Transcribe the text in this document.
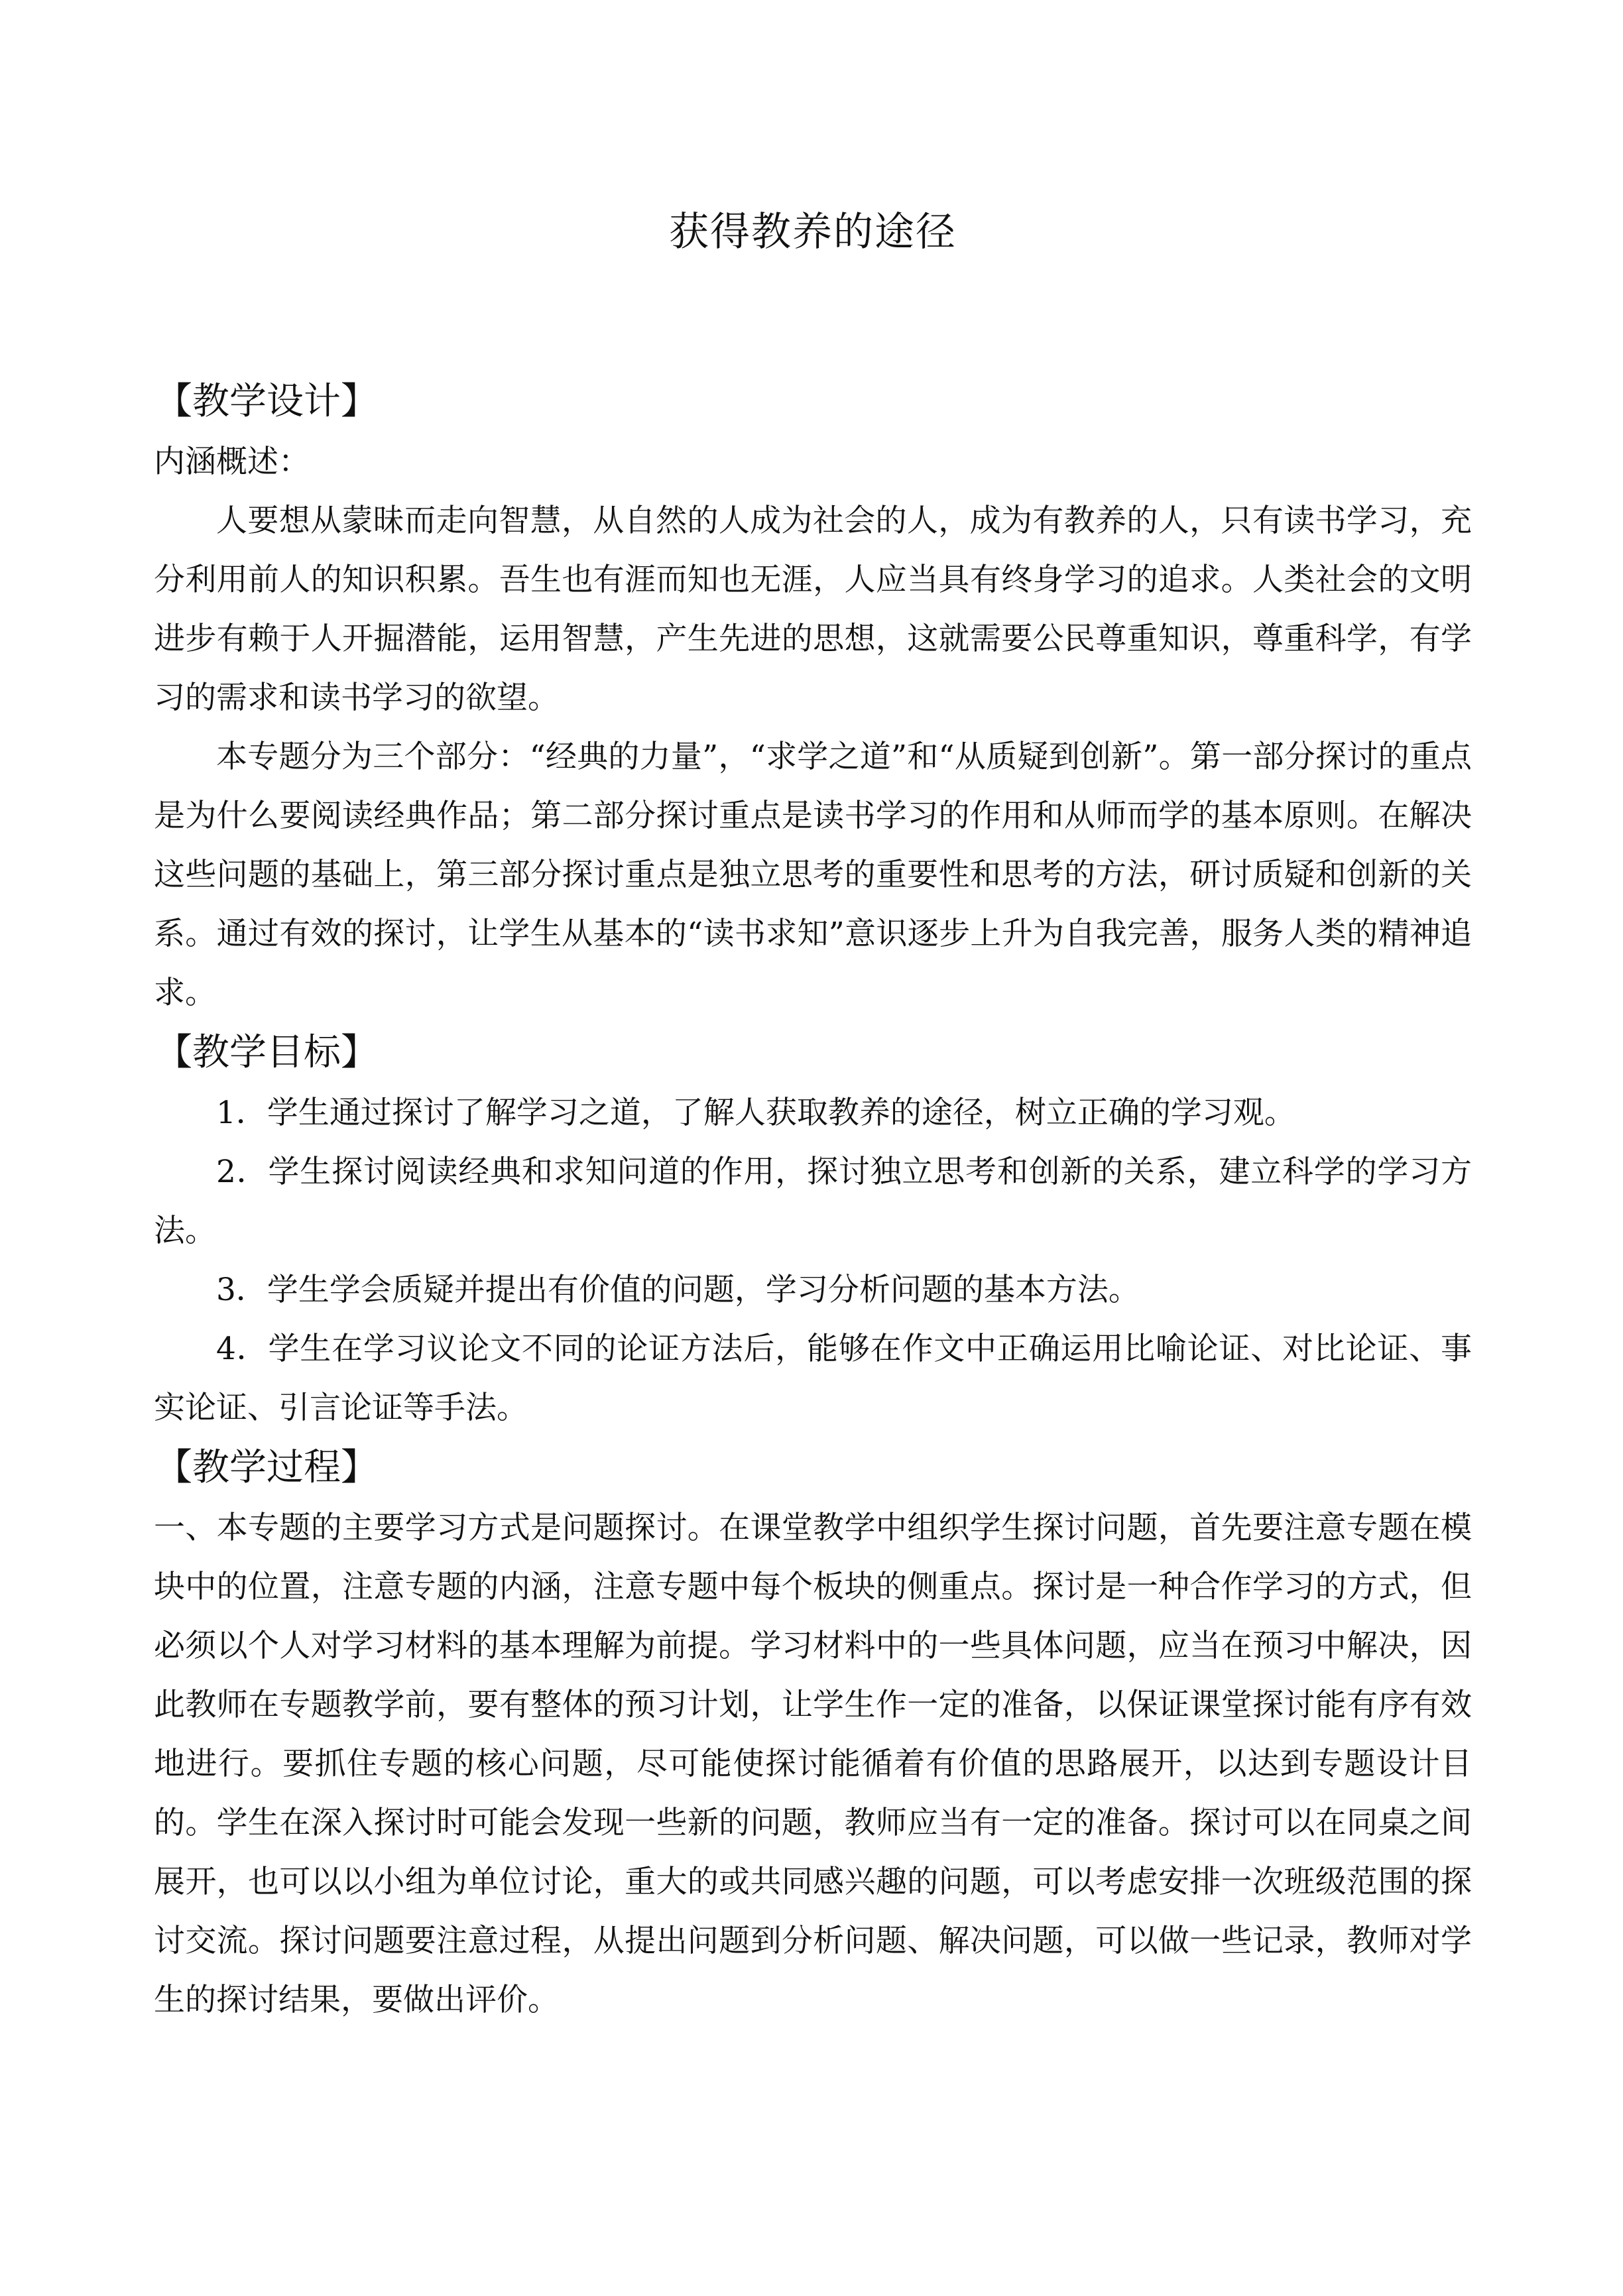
获得教养的途径
【教学设计】
内涵概述：

人要想从蒙昧而走向智慧，从自然的人成为社会的人，成为有教养的人，只有读书学习，充分利用前人的知识积累。吾生也有涯而知也无涯，人应当具有终身学习的追求。人类社会的文明进步有赖于人开掘潜能，运用智慧，产生先进的思想，这就需要公民尊重知识，尊重科学，有学习的需求和读书学习的欲望。

本专题分为三个部分：“经典的力量”，“求学之道”和“从质疑到创新”。第一部分探讨的重点是为什么要阅读经典作品；第二部分探讨重点是读书学习的作用和从师而学的基本原则。在解决这些问题的基础上，第三部分探讨重点是独立思考的重要性和思考的方法，研讨质疑和创新的关系。通过有效的探讨，让学生从基本的“读书求知”意识逐步上升为自我完善，服务人类的精神追求。

【教学目标】

1．学生通过探讨了解学习之道，了解人获取教养的途径，树立正确的学习观。

2．学生探讨阅读经典和求知问道的作用，探讨独立思考和创新的关系，建立科学的学习方法。

3．学生学会质疑并提出有价值的问题，学习分析问题的基本方法。

4．学生在学习议论文不同的论证方法后，能够在作文中正确运用比喻论证、对比论证、事实论证、引言论证等手法。

【教学过程】

一、本专题的主要学习方式是问题探讨。在课堂教学中组织学生探讨问题，首先要注意专题在模块中的位置，注意专题的内涵，注意专题中每个板块的侧重点。探讨是一种合作学习的方式，但必须以个人对学习材料的基本理解为前提。学习材料中的一些具体问题，应当在预习中解决，因此教师在专题教学前，要有整体的预习计划，让学生作一定的准备，以保证课堂探讨能有序有效地进行。要抓住专题的核心问题，尽可能使探讨能循着有价值的思路展开，以达到专题设计目的。学生在深入探讨时可能会发现一些新的问题，教师应当有一定的准备。探讨可以在同桌之间展开，也可以以小组为单位讨论，重大的或共同感兴趣的问题，可以考虑安排一次班级范围的探讨交流。探讨问题要注意过程，从提出问题到分析问题、解决问题，可以做一些记录，教师对学生的探讨结果，要做出评价。
